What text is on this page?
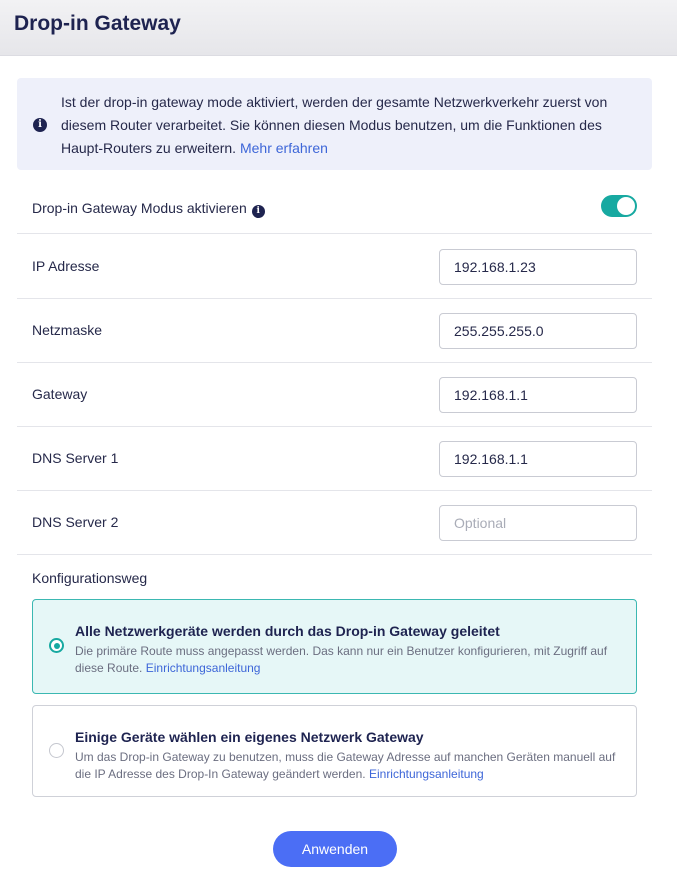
Drop-in Gateway
i
Ist der drop-in gateway mode aktiviert, werden der gesamte Netzwerkverkehr zuerst von diesem Router verarbeitet. Sie können diesen Modus benutzen, um die Funktionen des Haupt-Routers zu erweitern. Mehr erfahren
Drop-in Gateway Modus aktivieren i
IP Adresse
192.168.1.23
Netzmaske
255.255.255.0
Gateway
192.168.1.1
DNS Server 1
192.168.1.1
DNS Server 2
Optional
Konfigurationsweg
Alle Netzwerkgeräte werden durch das Drop-in Gateway geleitet
Die primäre Route muss angepasst werden. Das kann nur ein Benutzer konfigurieren, mit Zugriff auf diese Route. Einrichtungsanleitung
Einige Geräte wählen ein eigenes Netzwerk Gateway
Um das Drop-in Gateway zu benutzen, muss die Gateway Adresse auf manchen Geräten manuell auf die IP Adresse des Drop-In Gateway geändert werden. Einrichtungsanleitung
Anwenden
